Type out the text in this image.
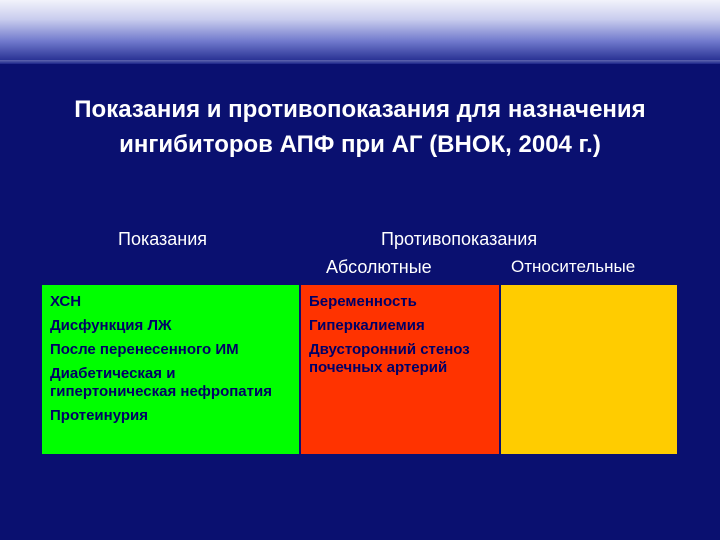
Показания и противопоказания для назначения
ингибиторов АПФ при АГ (ВНОК, 2004 г.)
Показания	Противопоказания
Абсолютные	Относительные
ХСН
Дисфункция ЛЖ
После перенесенного ИМ
Диабетическая и гипертоническая нефропатия
Протеинурия
Беременность
Гиперкалиемия
Двусторонний стеноз почечных артерий
